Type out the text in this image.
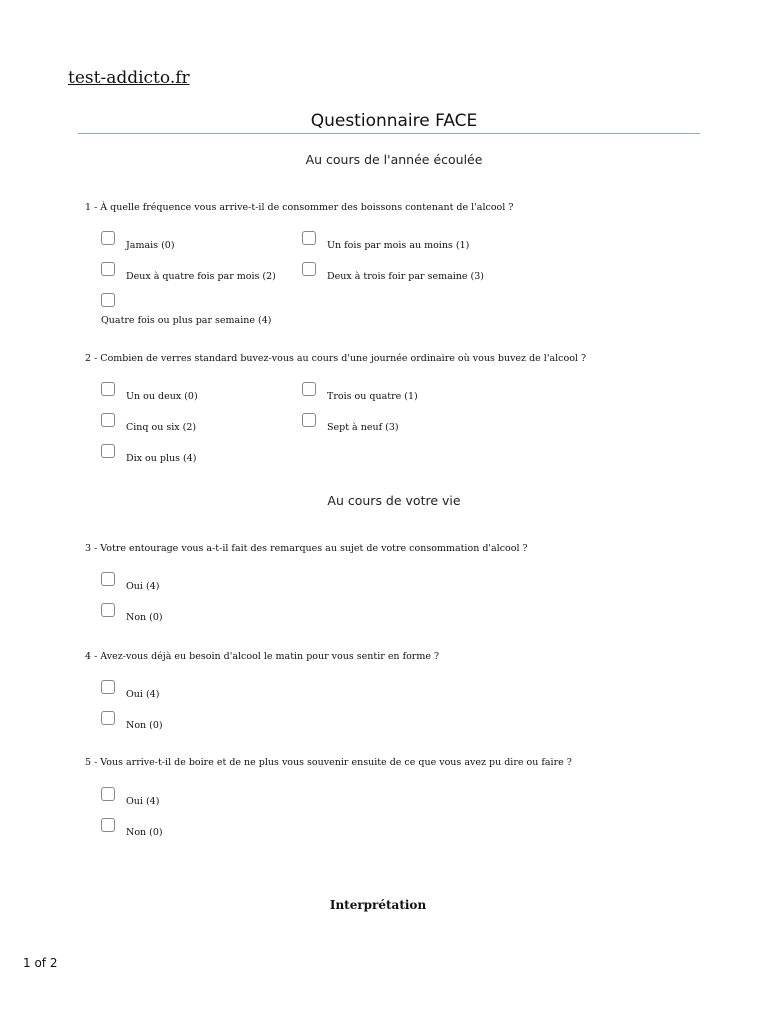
test-addicto.fr
Questionnaire FACE
Au cours de l'année écoulée
1 - À quelle fréquence vous arrive-t-il de consommer des boissons contenant de l'alcool ?
Jamais (0)	Un fois par mois au moins (1)
Deux à quatre fois par mois (2)	Deux à trois foir par semaine (3)
Quatre fois ou plus par semaine (4)
2 - Combien de verres standard buvez-vous au cours d'une journée ordinaire où vous buvez de l'alcool ?
Un ou deux (0)	Trois ou quatre (1)
Cinq ou six (2)	Sept à neuf (3)
Dix ou plus (4)
Au cours de votre vie
3 - Votre entourage vous a-t-il fait des remarques au sujet de votre consommation d'alcool ?
Oui (4)
Non (0)
4 - Avez-vous déjà eu besoin d'alcool le matin pour vous sentir en forme ?
Oui (4)
Non (0)
5 - Vous arrive-t-il de boire et de ne plus vous souvenir ensuite de ce que vous avez pu dire ou faire ?
Oui (4)
Non (0)
Interprétation
1 of 2
